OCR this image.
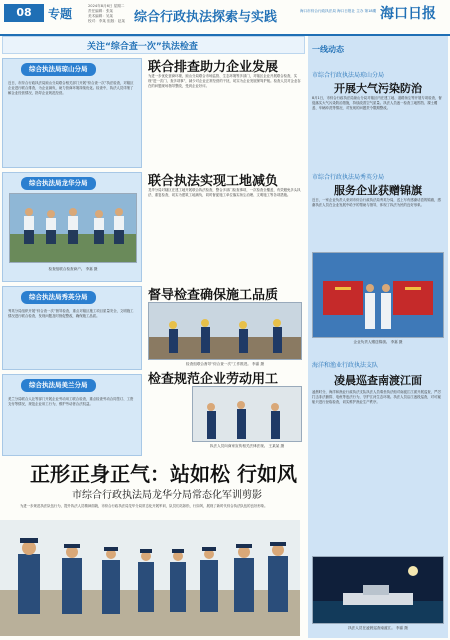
08	专题
2024年8月6日 星期二
责任编辑：张某
美术编辑：吴某
校对：李某 组版：赵某 综合行政执法探索与实践	海口市综合行政执法局 海口日报社 主办 第18期 海口日报
关注“综合查一次”执法检查
综合执法局琼山分局
近日，市综合行政执法局琼山分局联合相关部门开展“综合查一次”执法检查，对辖区企业进行联合排查，为企业减负，助力营商环境持续优化。检查中，执法人员详细了解企业经营情况，指导企业规范经营。
联合排查助力企业发展
为进一步优化营商环境，琼山分局联合市场监管、生态环境等多部门，对辖区企业开展联合检查，实现“进一次门、查多项事”，减少对企业正常经营的干扰，切实为企业发展保驾护航。检查人员对企业存在的问题现场指导整改，受到企业好评。
综合执法局龙华分局
检查组联合检查商户。 李嘉 摄
联合执法实现工地减负
龙华分局对辖区在建工地开展联合执法检查，整合多部门检查事项，一次检查全覆盖，有效避免多头执法、重复检查，切实为建筑工地减负，同时督促施工单位落实扬尘治理、文明施工等各项措施。
综合执法局秀英分局
秀英分局组织开展“综合查一次”督导检查，重点对辖区施工项目质量安全、文明施工情况进行联合检查，发现问题及时督促整改，确保施工品质。
督导检查确保施工品质
检查组联合督导“综合查一次”工作推进。 李嘉 摄
综合执法局美兰分局
美兰分局联合人社等部门开展企业劳动用工联合检查，重点检查劳动合同签订、工资支付等情况，规范企业用工行为，维护劳动者合法权益。
检查规范企业劳动用工
执法人员向商家宣传相关法律法规。 王某某 摄
正形正身正气：站如松 行如风
市综合行政执法局龙华分局常态化军训剪影
为进一步规范执法队伍行为，提升执法人员精神面貌，市综合行政执法局龙华分局常态化开展军训，队员们站如松、行如风，展现了新时代综合执法队伍的良好形象。
一线动态
市综合行政执法局琼山分局
开展大气污染防治
8月1日，市综合行政执法局琼山分局对辖区内在建工地、道路扬尘等开展专项检查，督促落实大气污染防治措施，持续改善空气质量。执法人员逐一检查工地围挡、裸土覆盖、车辆冲洗等情况，对发现的问题责令限期整改。
市综合行政执法局秀英分局
服务企业获赠锦旗
近日，一家企业负责人来到市综合行政执法局秀英分局，送上写有感谢话语的锦旗，感谢执法人员在企业发展中给予的帮助与指导，体现了执法为民的良好形象。
企业负责人赠送锦旗。 李嘉 摄
海洋和渔业行政执法支队
凌晨巡查南渡江面
凌晨时分，海洋和渔业行政执法支队执法人员乘坐执法船对南渡江江面开展巡查，严厉打击非法捕捞、电鱼等违法行为，守护江河生态环境。执法人员沿江逐段巡查，对可疑船只进行登临检查，切实维护渔业生产秩序。
执法人员在凌晨巡查南渡江。 李嘉 摄
